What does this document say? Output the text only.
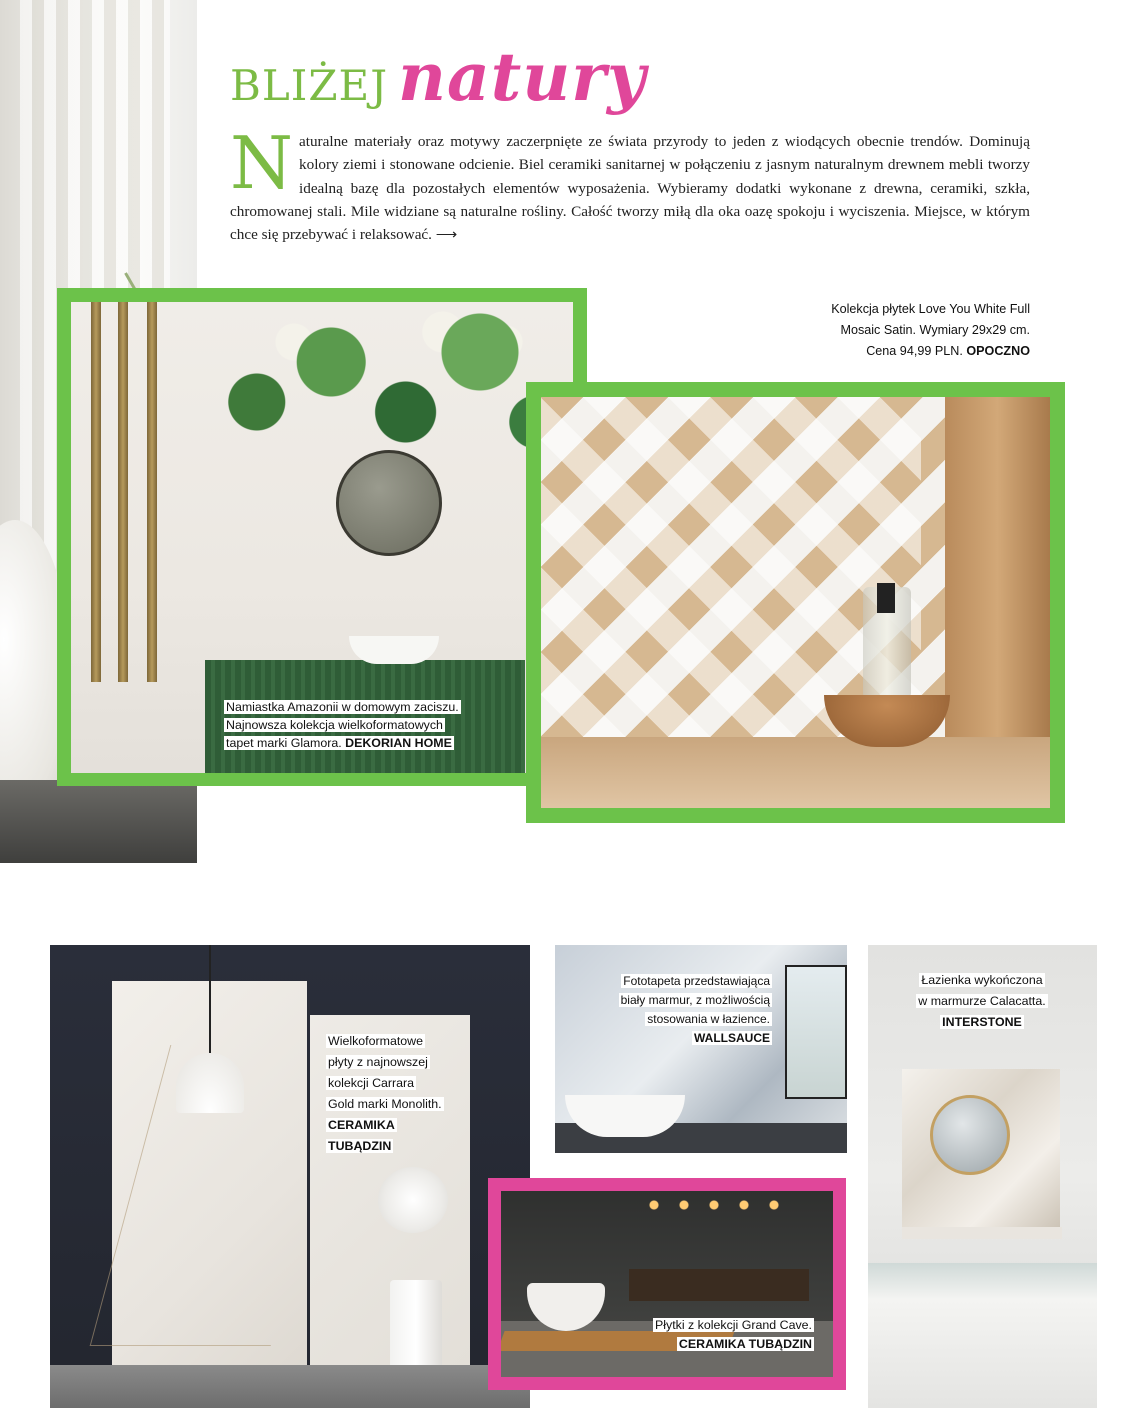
BLIŻEJ natury
N aturalne materiały oraz motywy zaczerpnięte ze świata przyrody to jeden z wiodących obecnie trendów. Dominują kolory ziemi i stonowane odcienie. Biel ceramiki sanitarnej w połączeniu z jasnym naturalnym drewnem mebli tworzy idealną bazę dla pozostałych elementów wyposażenia. Wybieramy dodatki wykonane z drewna, ceramiki, szkła, chromowanej stali. Mile widziane są naturalne rośliny. Całość tworzy miłą dla oka oazę spokoju i wyciszenia. Miejsce, w którym chce się przebywać i relaksować. ⟶
Kolekcja płytek Love You White Full
Mosaic Satin. Wymiary 29x29 cm.
Cena 94,99 PLN. OPOCZNO
Namiastka Amazonii w domowym zaciszu.
Najnowsza kolekcja wielkoformatowych
tapet marki Glamora. DEKORIAN HOME
Wielkoformatowe
płyty z najnowszej
kolekcji Carrara
Gold marki Monolith.
CERAMIKA
TUBĄDZIN
Fototapeta przedstawiająca
biały marmur, z możliwością
stosowania w łazience.
WALLSAUCE
Płytki z kolekcji Grand Cave.
CERAMIKA TUBĄDZIN
Łazienka wykończona
w marmurze Calacatta.
INTERSTONE
